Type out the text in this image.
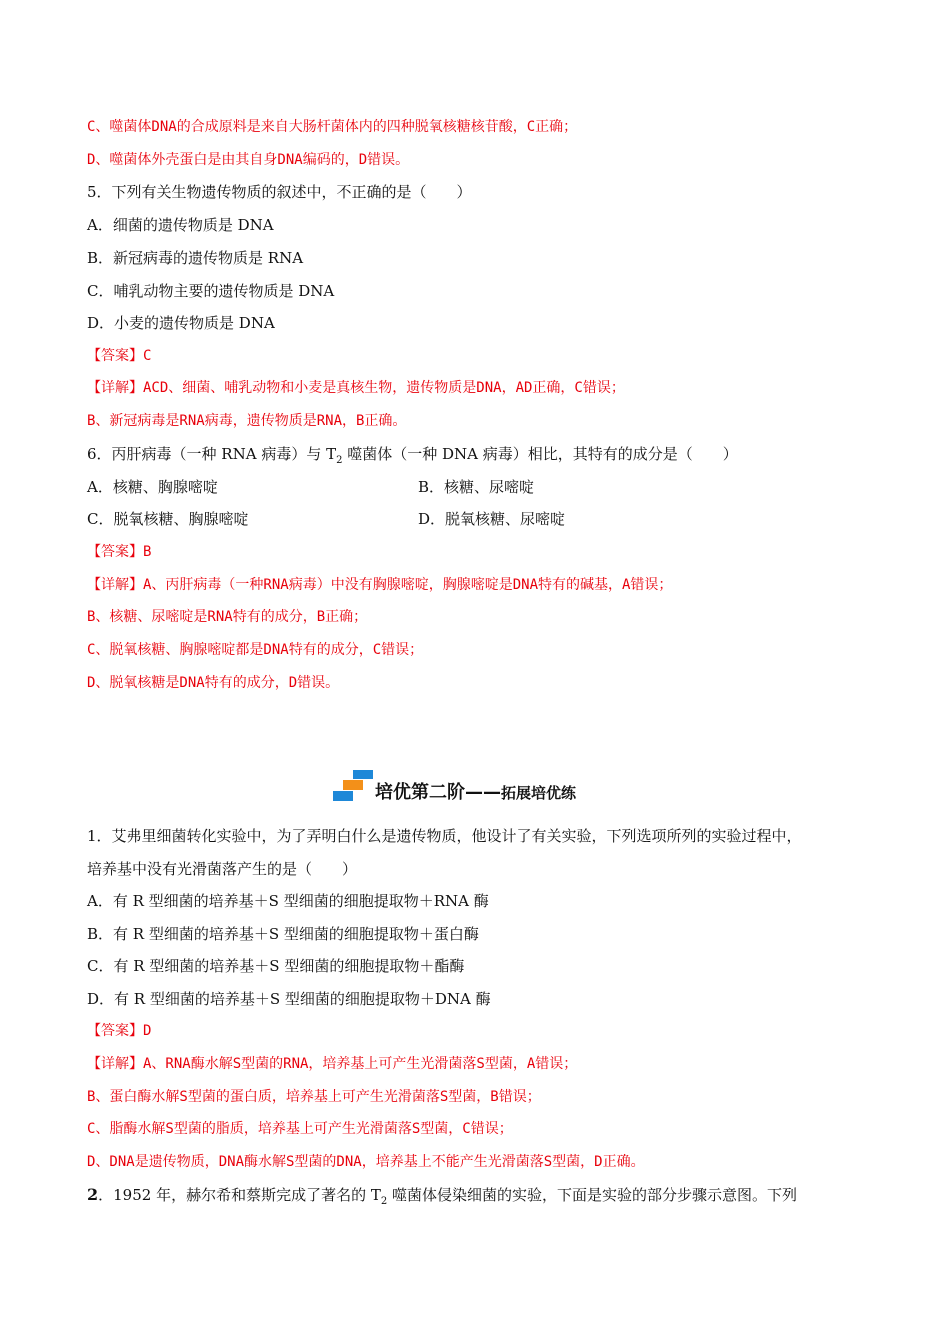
C、噬菌体DNA的合成原料是来自大肠杆菌体内的四种脱氧核糖核苷酸，C正确；
D、噬菌体外壳蛋白是由其自身DNA编码的，D错误。
5．下列有关生物遗传物质的叙述中，不正确的是（　　）
A．细菌的遗传物质是 DNA
B．新冠病毒的遗传物质是 RNA
C．哺乳动物主要的遗传物质是 DNA
D．小麦的遗传物质是 DNA
【答案】C
【详解】ACD、细菌、哺乳动物和小麦是真核生物，遗传物质是DNA，AD正确，C错误；
B、新冠病毒是RNA病毒，遗传物质是RNA，B正确。
6．丙肝病毒（一种 RNA 病毒）与 $T_2$ 噬菌体（一种 DNA 病毒）相比，其特有的成分是（　　）
A．核糖、胸腺嘧啶	B．核糖、尿嘧啶
C．脱氧核糖、胸腺嘧啶	D．脱氧核糖、尿嘧啶
【答案】B
【详解】A、丙肝病毒（一种RNA病毒）中没有胸腺嘧啶，胸腺嘧啶是DNA特有的碱基，A错误；
B、核糖、尿嘧啶是RNA特有的成分，B正确；
C、脱氧核糖、胸腺嘧啶都是DNA特有的成分，C错误；
D、脱氧核糖是DNA特有的成分，D错误。
培优第二阶——拓展培优练
1．艾弗里细菌转化实验中，为了弄明白什么是遗传物质，他设计了有关实验，下列选项所列的实验过程中，
培养基中没有光滑菌落产生的是（　　）
A．有 R 型细菌的培养基＋S 型细菌的细胞提取物＋RNA 酶
B．有 R 型细菌的培养基＋S 型细菌的细胞提取物＋蛋白酶
C．有 R 型细菌的培养基＋S 型细菌的细胞提取物＋酯酶
D．有 R 型细菌的培养基＋S 型细菌的细胞提取物＋DNA 酶
【答案】D
【详解】A、RNA酶水解S型菌的RNA，培养基上可产生光滑菌落S型菌，A错误；
B、蛋白酶水解S型菌的蛋白质，培养基上可产生光滑菌落S型菌，B错误；
C、脂酶水解S型菌的脂质，培养基上可产生光滑菌落S型菌，C错误；
D、DNA是遗传物质，DNA酶水解S型菌的DNA，培养基上不能产生光滑菌落S型菌，D正确。
2．1952 年，赫尔希和蔡斯完成了著名的 $T_2$ 噬菌体侵染细菌的实验，下面是实验的部分步骤示意图。下列
